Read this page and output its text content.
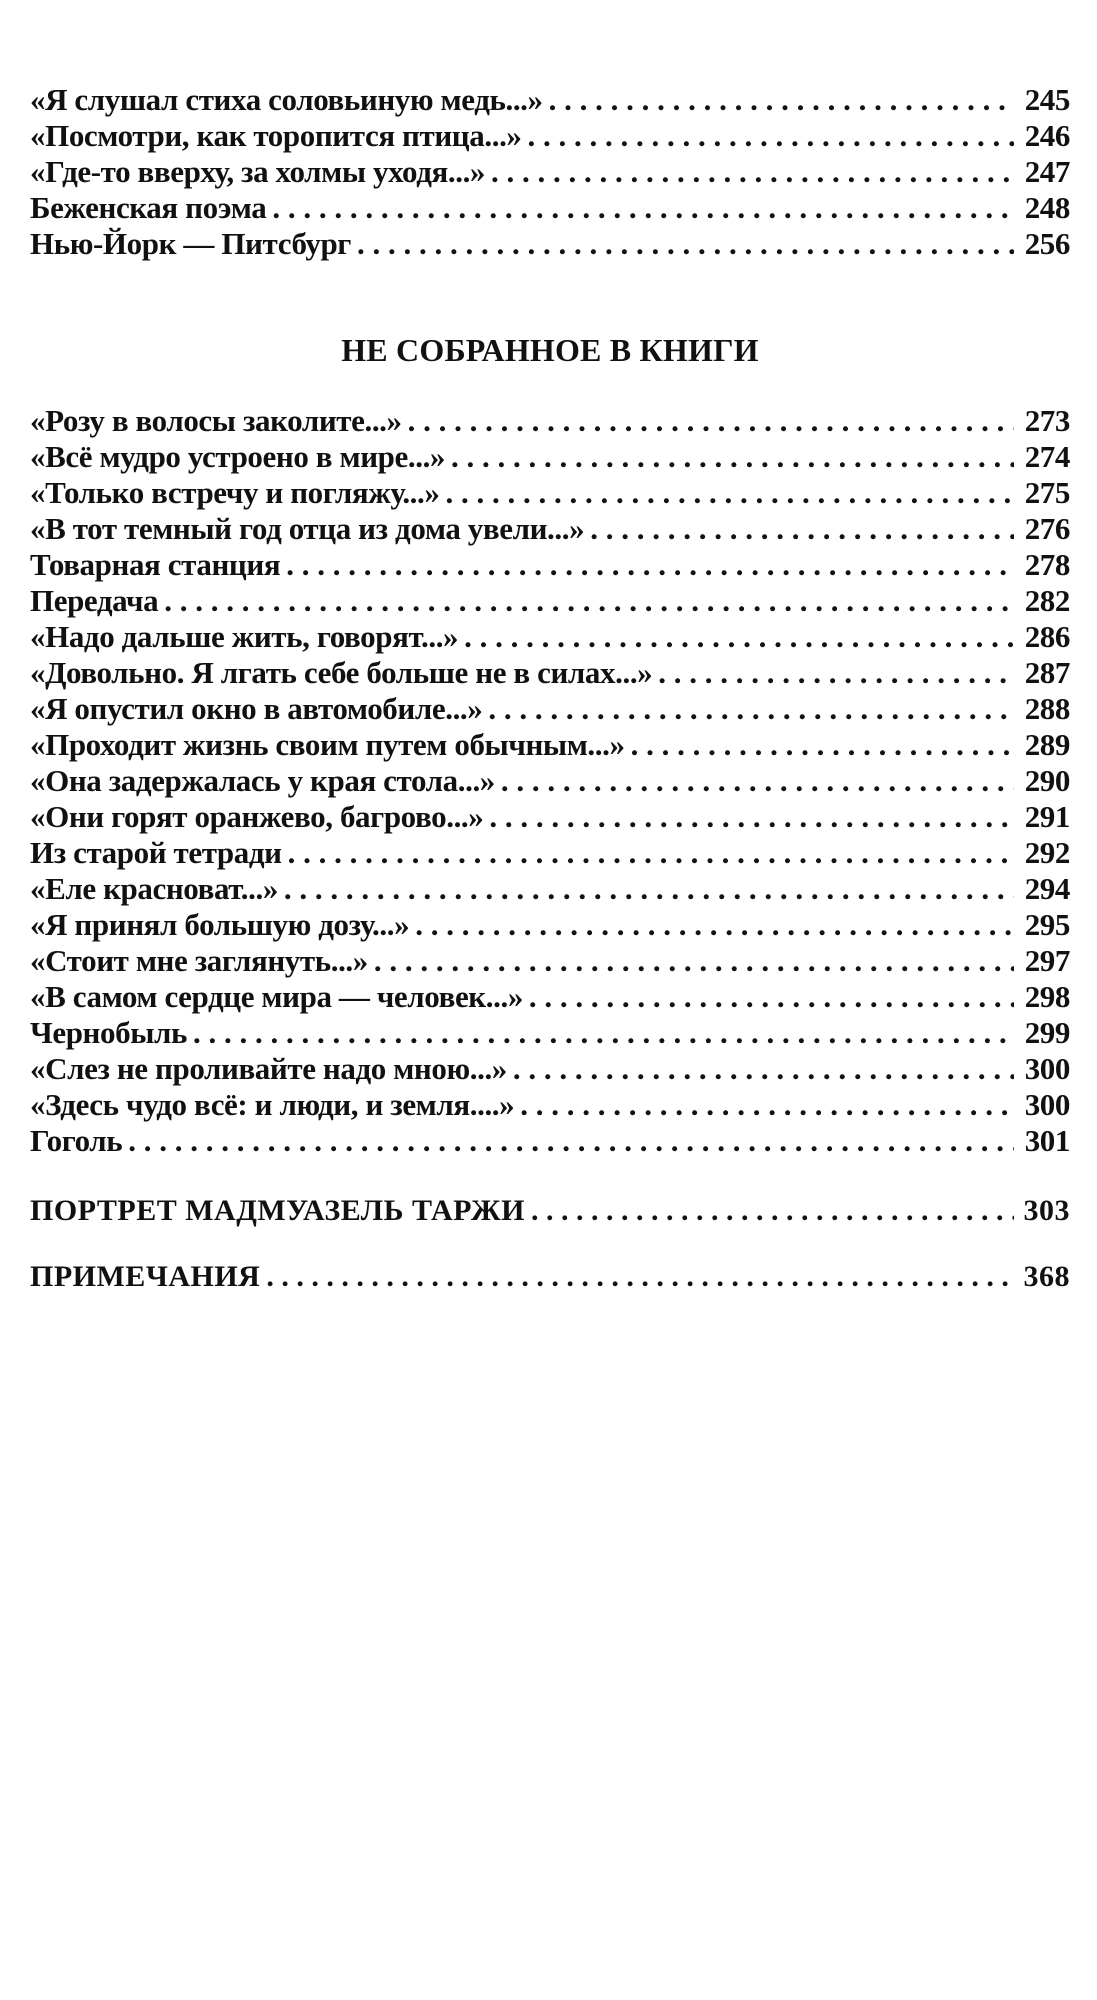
«Я слушал стиха соловьиную медь...» . . .	245
«Посмотри, как торопится птица...» . . .	246
«Где-то вверху, за холмы уходя...» . . .	247
Беженская поэма . . .	248
Нью-Йорк — Питсбург . . .	256
НЕ СОБРАННОЕ В КНИГИ
«Розу в волосы заколите...» . . .	273
«Всё мудро устроено в мире...» . . .	274
«Только встречу и погляжу...» . . .	275
«В тот темный год отца из дома увели...» . . .	276
Товарная станция . . .	278
Передача . . .	282
«Надо дальше жить, говорят...» . . .	286
«Довольно. Я лгать себе больше не в силах...» . . .	287
«Я опустил окно в автомобиле...» . . .	288
«Проходит жизнь своим путем обычным...» . . .	289
«Она задержалась у края стола...» . . .	290
«Они горят оранжево, багрово...» . . .	291
Из старой тетради . . .	292
«Еле красноват...» . . .	294
«Я принял большую дозу...» . . .	295
«Стоит мне заглянуть...» . . .	297
«В самом сердце мира — человек...» . . .	298
Чернобыль . . .	299
«Слез не проливайте надо мною...» . . .	300
«Здесь чудо всё: и люди, и земля....» . . .	300
Гоголь . . .	301
ПОРТРЕТ МАДМУАЗЕЛЬ ТАРЖИ . . .	303
ПРИМЕЧАНИЯ . . .	368
